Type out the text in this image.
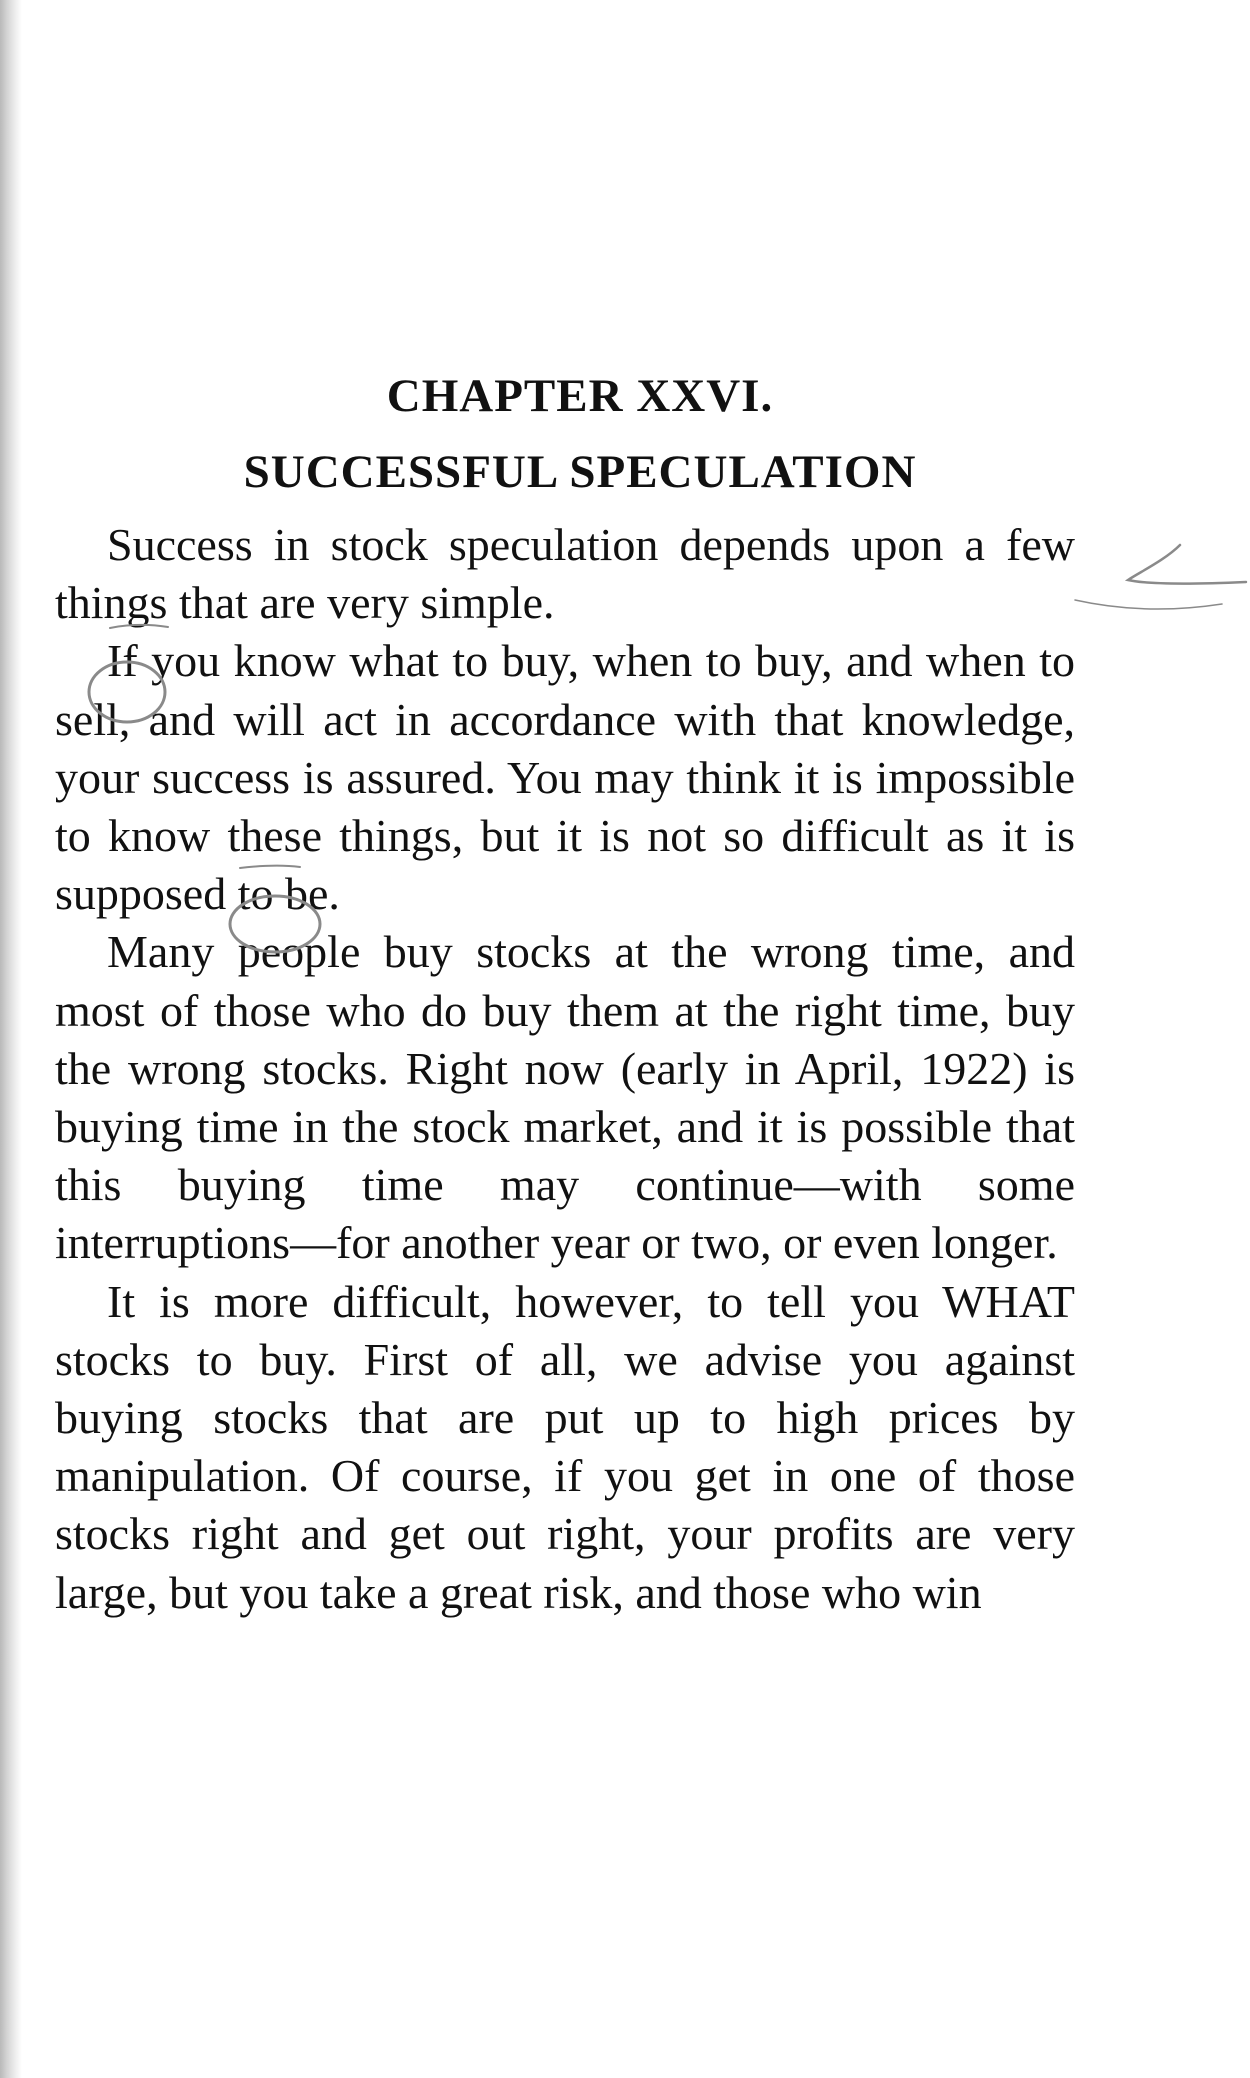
CHAPTER XXVI.
SUCCESSFUL SPECULATION

Success in stock speculation depends upon a few things that are very simple.

If you know what to buy, when to buy, and when to sell, and will act in accordance with that knowledge, your success is assured. You may think it is impossible to know these things, but it is not so difficult as it is supposed to be.

Many people buy stocks at the wrong time, and most of those who do buy them at the right time, buy the wrong stocks. Right now (early in April, 1922) is buying time in the stock market, and it is possible that this buying time may continue—with some interruptions—for another year or two, or even longer.

It is more difficult, however, to tell you WHAT stocks to buy. First of all, we advise you against buying stocks that are put up to high prices by manipulation. Of course, if you get in one of those stocks right and get out right, your profits are very large, but you take a great risk, and those who win
